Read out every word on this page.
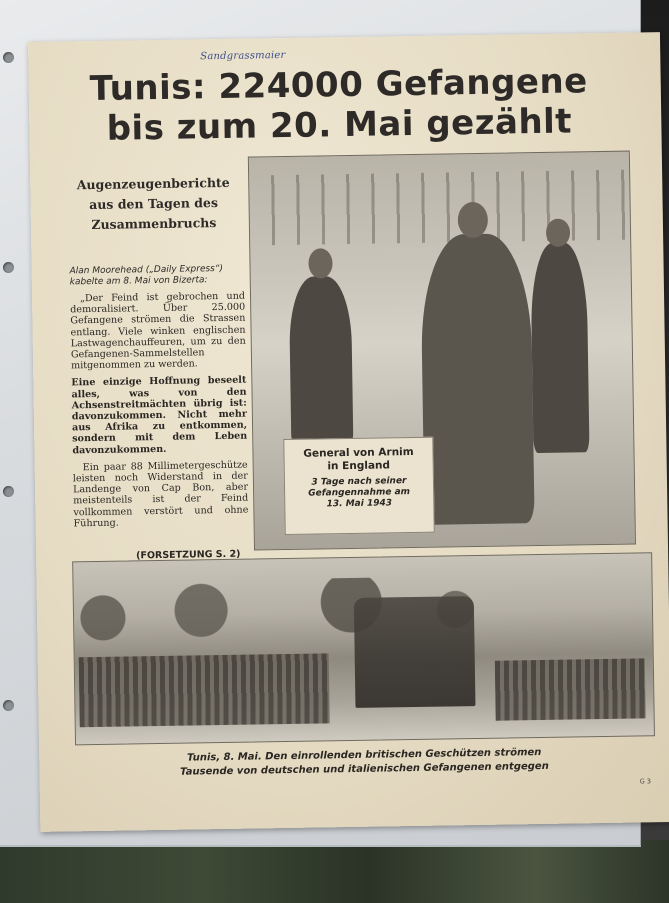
Sandgrassmaier
Tunis: 224000 Gefangene
bis zum 20. Mai gezählt
Augenzeugenberichte
aus den Tagen des
Zusammenbruchs
Alan Moorehead („Daily Express“)
kabelte am 8. Mai von Bizerta:

„Der Feind ist gebrochen und demoralisiert. Über 25.000 Gefangene strömen die Strassen entlang. Viele winken englischen Lastwagenchauffeuren, um zu den Gefangenen-Sammelstellen mitgenommen zu werden.

Eine einzige Hoffnung beseelt alles, was von den Achsenstreitmächten übrig ist: davonzukommen. Nicht mehr aus Afrika zu entkommen, sondern mit dem Leben davonzukommen.

Ein paar 88 Millimetergeschütze leisten noch Widerstand in der Landenge von Cap Bon, aber meistenteils ist der Feind vollkommen verstört und ohne Führung.

(FORSETZUNG S. 2)

General von Arnim
in England

3 Tage nach seiner
Gefangennahme am
13. Mai 1943

Tunis, 8. Mai. Den einrollenden britischen Geschützen strömen
Tausende von deutschen und italienischen Gefangenen entgegen
G 3
